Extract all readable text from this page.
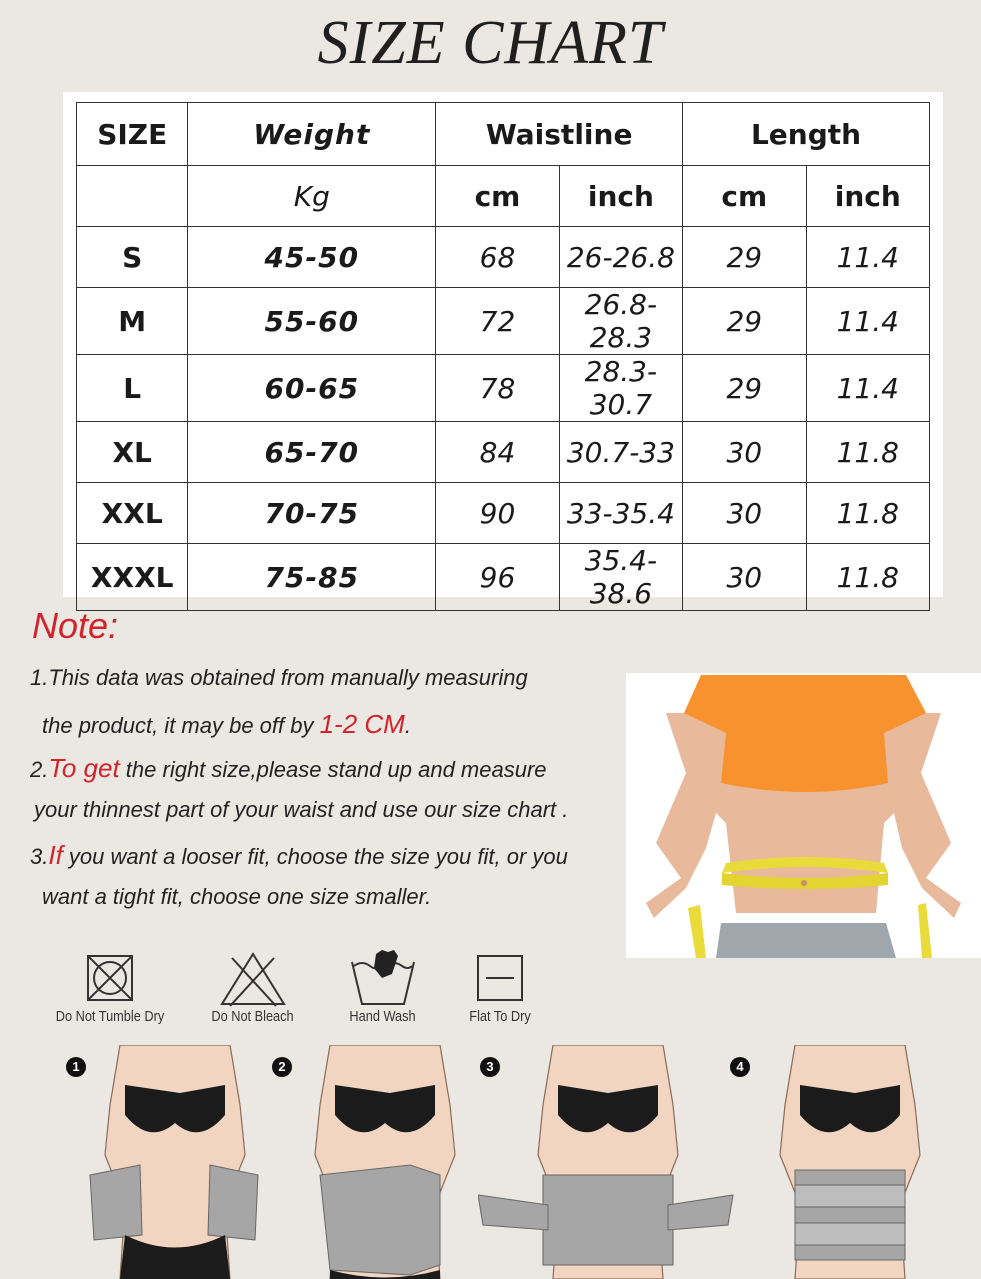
SIZE CHART
SIZE	Weight	Waistline		Length	
	Kg	cm	inch	cm	inch
S	45-50	68	26-26.8	29	11.4
M	55-60	72	26.8-28.3	29	11.4
L	60-65	78	28.3-30.7	29	11.4
XL	65-70	84	30.7-33	30	11.8
XXL	70-75	90	33-35.4	30	11.8
XXXL	75-85	96	35.4-38.6	30	11.8
Note:
1.This data was obtained from manually measuring
the product, it may be off by 1-2 CM.
2.To get the right size,please stand up and measure
your thinnest part of your waist and use our size chart .
3.If you want a looser fit, choose the size you fit, or you
want a tight fit, choose one size smaller.
Do Not Tumble Dry	Do Not Bleach	Hand Wash	Flat To Dry
1	2	3	4
